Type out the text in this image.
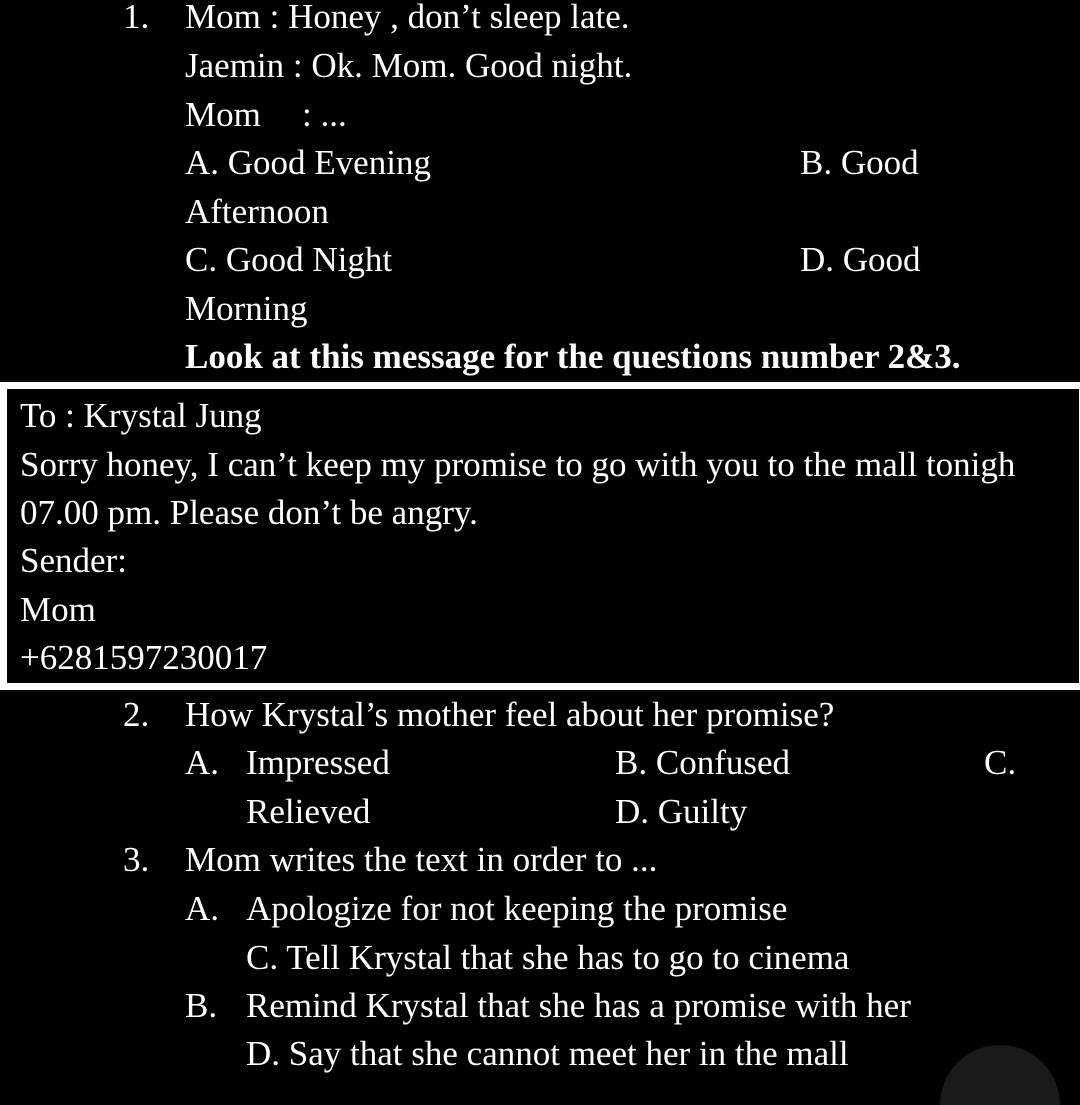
1. Mom : Honey , don’t sleep late.
Jaemin : Ok. Mom. Good night.
Mom : ...
A. Good Evening	B. Good
Afternoon
C. Good Night	D. Good
Morning
Look at this message for the questions number 2&3.
To : Krystal Jung
Sorry honey, I can’t keep my promise to go with you to the mall tonigh
07.00 pm. Please don’t be angry.
Sender:
Mom
+6281597230017
2. How Krystal’s mother feel about her promise?
A. Impressed	B. Confused	C.
Relieved	D. Guilty
3. Mom writes the text in order to ...
A. Apologize for not keeping the promise
C. Tell Krystal that she has to go to cinema
B. Remind Krystal that she has a promise with her
D. Say that she cannot meet her in the mall
